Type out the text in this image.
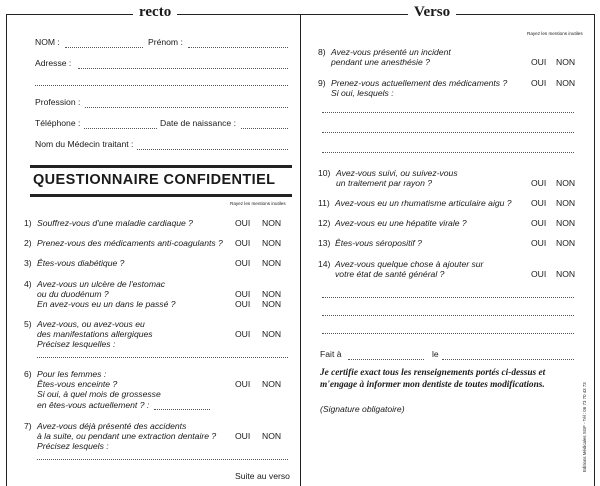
recto	Verso
NOM :	Prénom :
Adresse :
Profession :
Téléphone :	Date de naissance :
Nom du Médecin traitant :
QUESTIONNAIRE CONFIDENTIEL
Rayez les mentions inutiles
1) Souffrez-vous d'une maladie cardiaque ?	OUI NON
2) Prenez-vous des médicaments anti-coagulants ? OUI NON
3) Êtes-vous diabétique ?	OUI NON
4) Avez-vous un ulcère de l'estomac
ou du duodénum ?
En avez-vous eu un dans le passé ?
OUI NON
OUI NON
5) Avez-vous, ou avez-vous eu
des manifestations allergiques
Précisez lesquelles :
OUI NON
6) Pour les femmes :
Êtes-vous enceinte ?
Si oui, à quel mois de grossesse
en êtes-vous actuellement ? :
OUI NON
7) Avez-vous déjà présenté des accidents
à la suite, ou pendant une extraction dentaire ?
Précisez lesquels :
OUI NON
Suite au verso
Rayez les mentions inutiles
8) Avez-vous présenté un incident
pendant une anesthésie ?	OUI NON
9) Prenez-vous actuellement des médicaments ?
Si oui, lesquels :
OUI NON
10) Avez-vous suivi, ou suivez-vous
un traitement par rayon ?	OUI NON
11) Avez-vous eu un rhumatisme articulaire aigu ? OUI NON
12) Avez-vous eu une hépatite virale ?	OUI NON
13) Êtes-vous séropositif ?	OUI NON
14) Avez-vous quelque chose à ajouter sur
votre état de santé général ?	OUI NON
Fait à	le
Je certifie exact tous les renseignements portés ci-dessus et
m'engage à informer mon dentiste de toutes modifications.
(Signature obligatoire)	Editions Médicales SGF - Tél : 06 73 70 43 73
